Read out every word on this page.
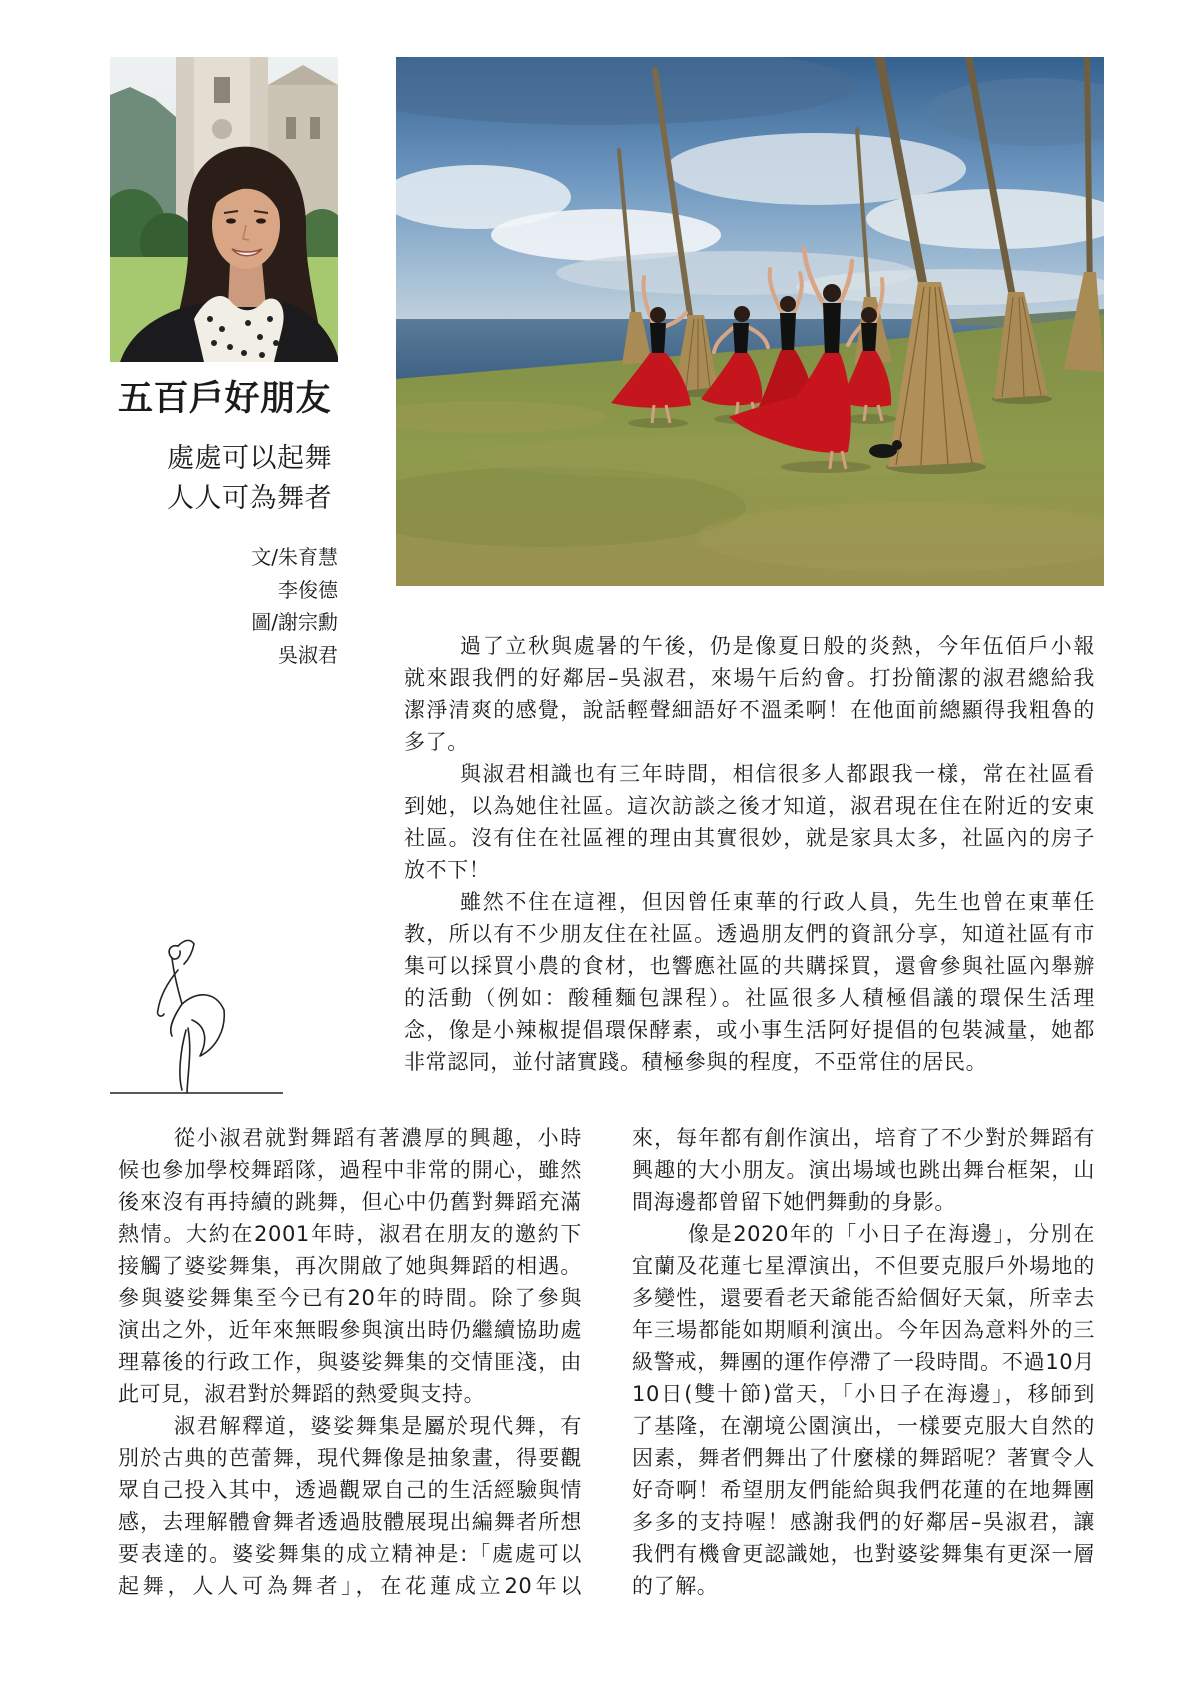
五百戶好朋友
處處可以起舞
人人可為舞者
文/朱育慧
李俊德
圖/謝宗勳
吳淑君	過了立秋與處暑的午後，仍是像夏日般的炎熱，今年伍佰戶小報
就來跟我們的好鄰居–吳淑君，來場午后約會。打扮簡潔的淑君總給我
潔淨清爽的感覺，說話輕聲細語好不溫柔啊！在他面前總顯得我粗魯的
多了。
與淑君相識也有三年時間，相信很多人都跟我一樣，常在社區看
到她，以為她住社區。這次訪談之後才知道，淑君現在住在附近的安東
社區。沒有住在社區裡的理由其實很妙，就是家具太多，社區內的房子
放不下！
雖然不住在這裡，但因曾任東華的行政人員，先生也曾在東華任
教，所以有不少朋友住在社區。透過朋友們的資訊分享，知道社區有市
集可以採買小農的食材，也響應社區的共購採買，還會參與社區內舉辦
的活動（例如：酸種麵包課程）。社區很多人積極倡議的環保生活理
念，像是小辣椒提倡環保酵素，或小事生活阿好提倡的包裝減量，她都
非常認同，並付諸實踐。積極參與的程度，不亞常住的居民。
從小淑君就對舞蹈有著濃厚的興趣，小時
候也參加學校舞蹈隊，過程中非常的開心，雖然
後來沒有再持續的跳舞，但心中仍舊對舞蹈充滿
熱情。大約在2001年時，淑君在朋友的邀約下
接觸了婆娑舞集，再次開啟了她與舞蹈的相遇。
參與婆娑舞集至今已有20年的時間。除了參與
演出之外，近年來無暇參與演出時仍繼續協助處
理幕後的行政工作，與婆娑舞集的交情匪淺，由
此可見，淑君對於舞蹈的熱愛與支持。
淑君解釋道，婆娑舞集是屬於現代舞，有
別於古典的芭蕾舞，現代舞像是抽象畫，得要觀
眾自己投入其中，透過觀眾自己的生活經驗與情
感，去理解體會舞者透過肢體展現出編舞者所想
要表達的。婆娑舞集的成立精神是:「處處可以
起舞，人人可為舞者」，在花蓮成立20年以
來，每年都有創作演出，培育了不少對於舞蹈有
興趣的大小朋友。演出場域也跳出舞台框架，山
間海邊都曾留下她們舞動的身影。
像是2020年的「小日子在海邊」，分別在
宜蘭及花蓮七星潭演出，不但要克服戶外場地的
多變性，還要看老天爺能否給個好天氣，所幸去
年三場都能如期順利演出。今年因為意料外的三
級警戒，舞團的運作停滯了一段時間。不過10月
10日(雙十節)當天，「小日子在海邊」，移師到
了基隆，在潮境公園演出，一樣要克服大自然的
因素，舞者們舞出了什麼樣的舞蹈呢？著實令人
好奇啊！希望朋友們能給與我們花蓮的在地舞團
多多的支持喔！感謝我們的好鄰居–吳淑君，讓
我們有機會更認識她，也對婆娑舞集有更深一層
的了解。
